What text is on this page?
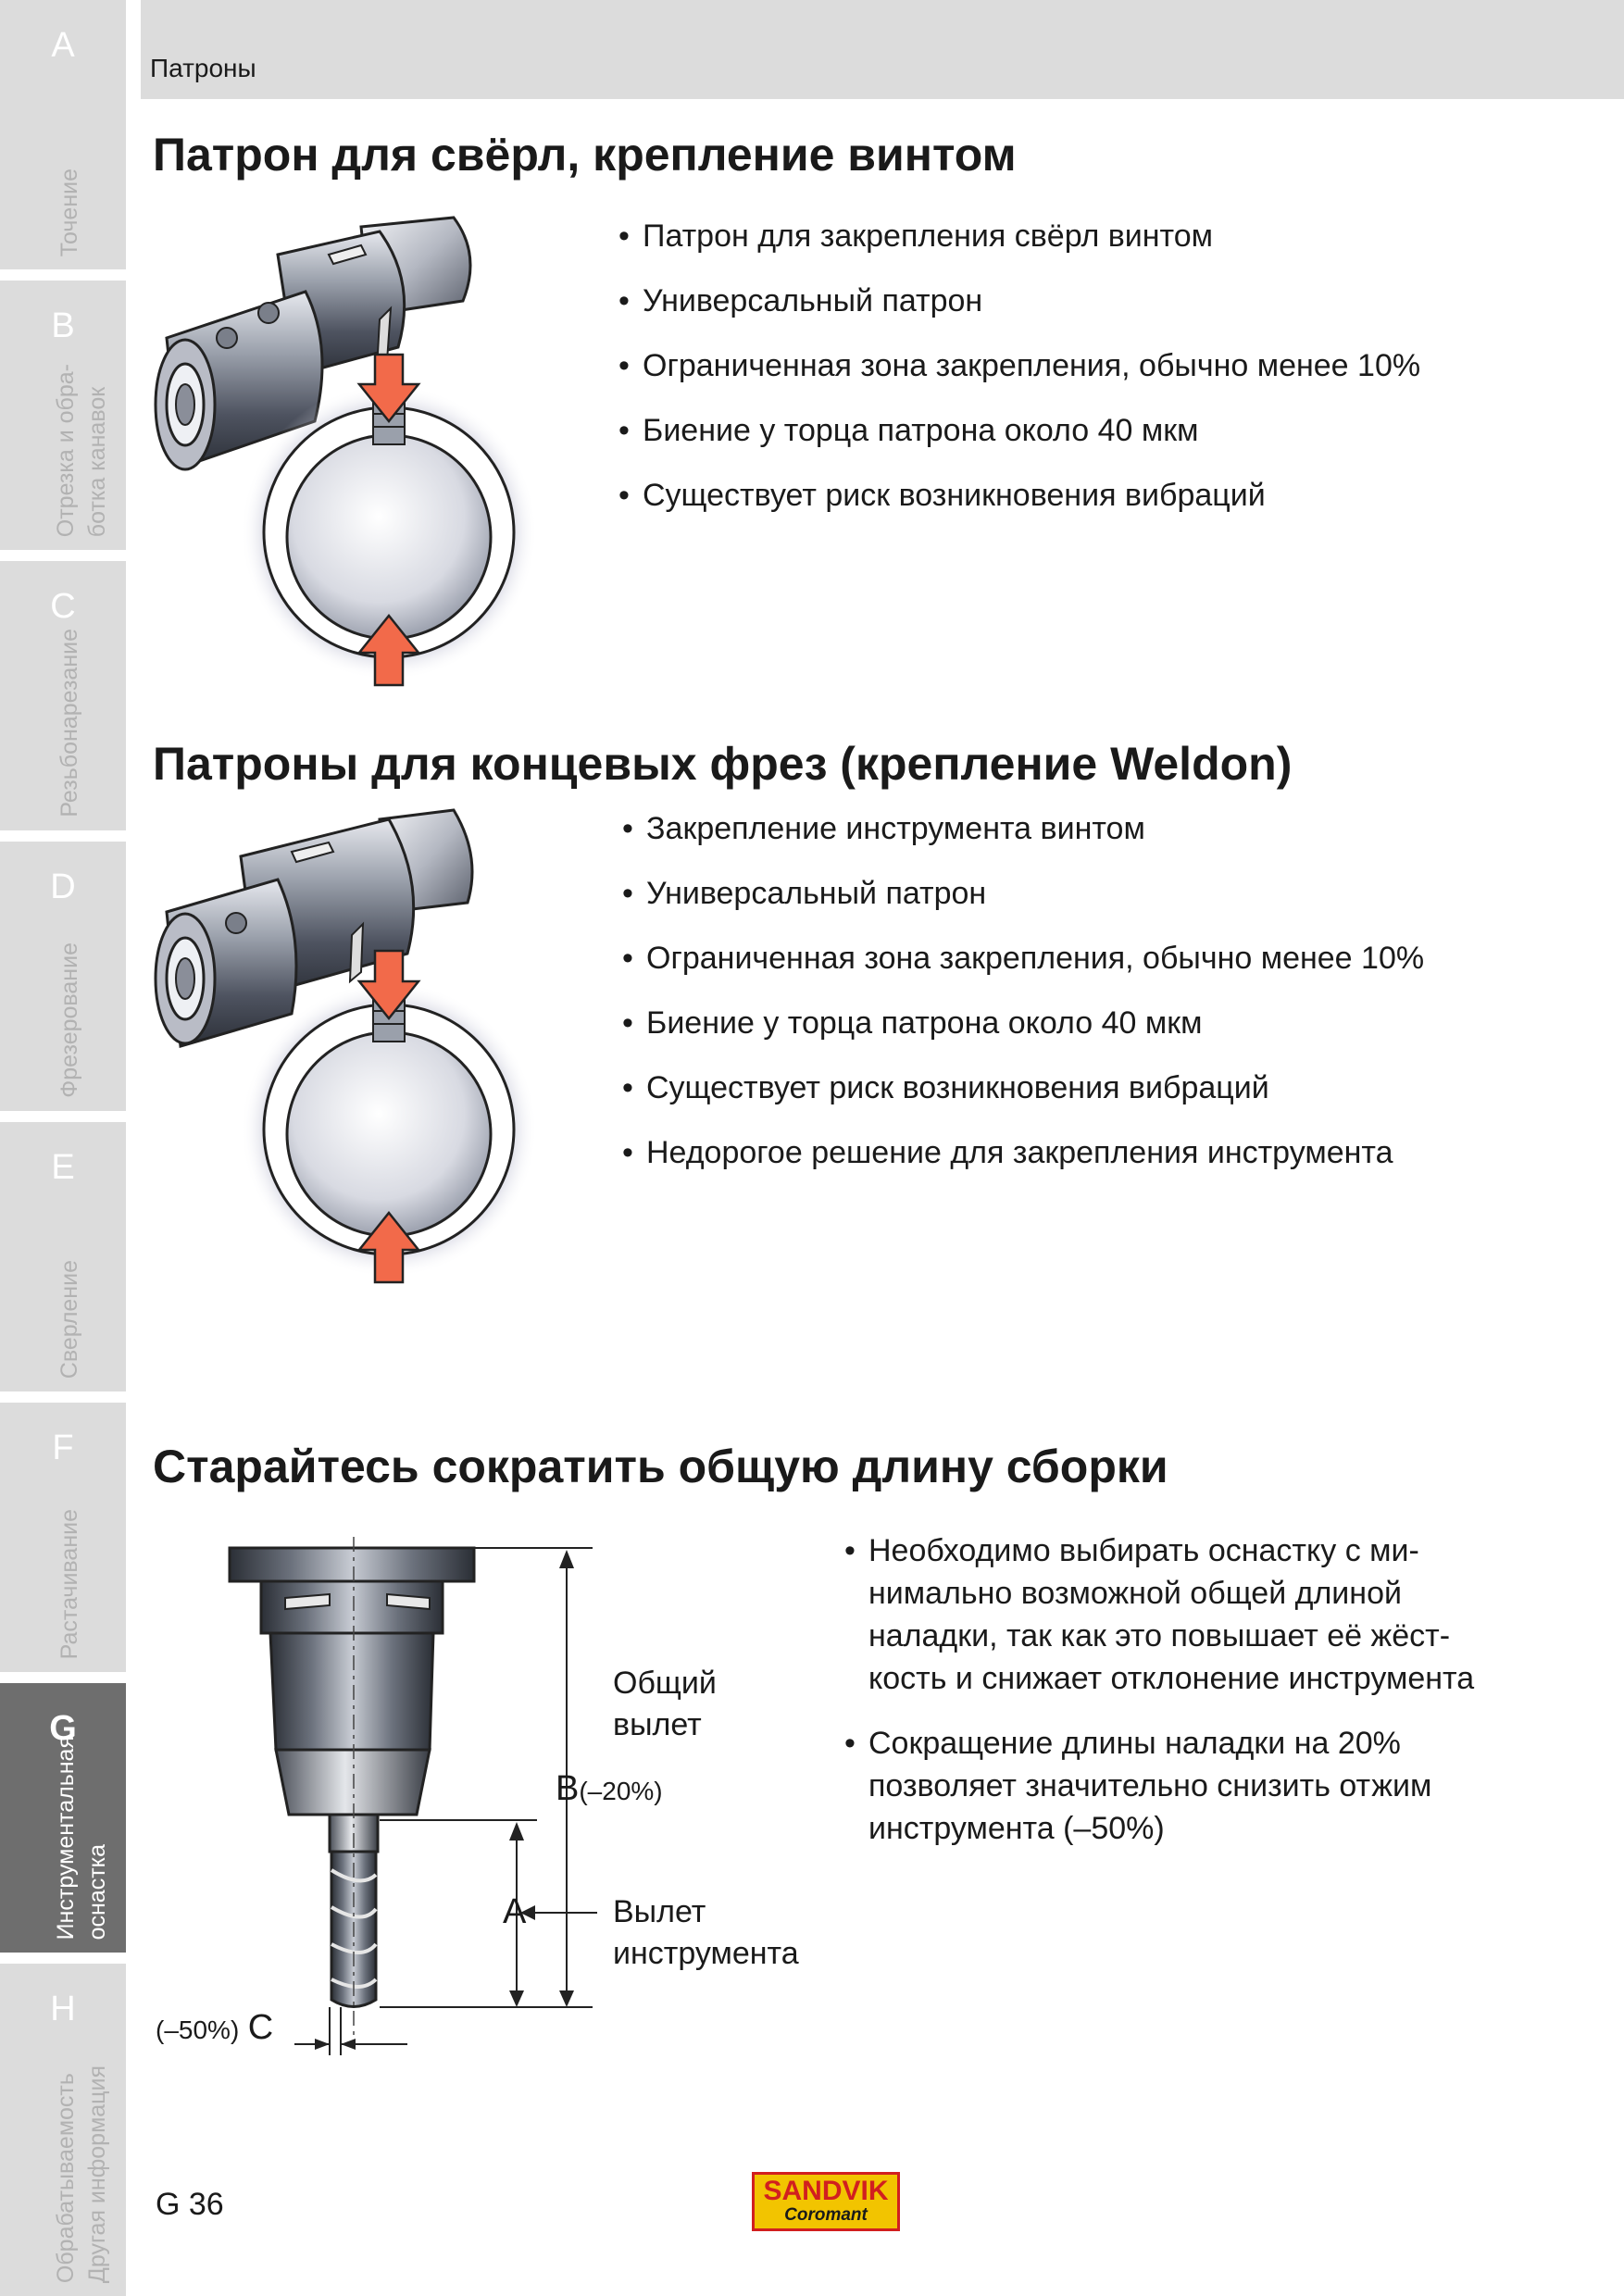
A
Точение
B
Отрезка и обра- ботка канавок
C
Резьбонарезание
D
Фрезерование
E
Сверление
F
Растачивание
G
Инструментальная оснастка
H
Обрабатываемость Другая информация
Патроны
Патрон для свёрл, крепление винтом
• Патрон для закрепления свёрл винтом
• Универсальный патрон
• Ограниченная зона закрепления, обычно менее 10%
• Биение у торца патрона около 40 мкм
• Существует риск возникновения вибраций
Патроны для концевых фрез (крепление Weldon)
• Закрепление инструмента винтом
• Универсальный патрон
• Ограниченная зона закрепления, обычно менее 10%
• Биение у торца патрона около 40 мкм
• Существует риск возникновения вибраций
• Недорогое решение для закрепления инструмента
Старайтесь сократить общую длину сборки
Общий
вылет
B(–20%)
A	Вылет
инструмента
(–50%) C
• Необходимо выбирать оснастку с ми-нимально возможной общей длиной наладки, так как это повышает её жёст-кость и снижает отклонение инструмента
• Сокращение длины наладки на 20% позволяет значительно снизить отжим инструмента (–50%)
G 36	SANDVIK
Coromant
